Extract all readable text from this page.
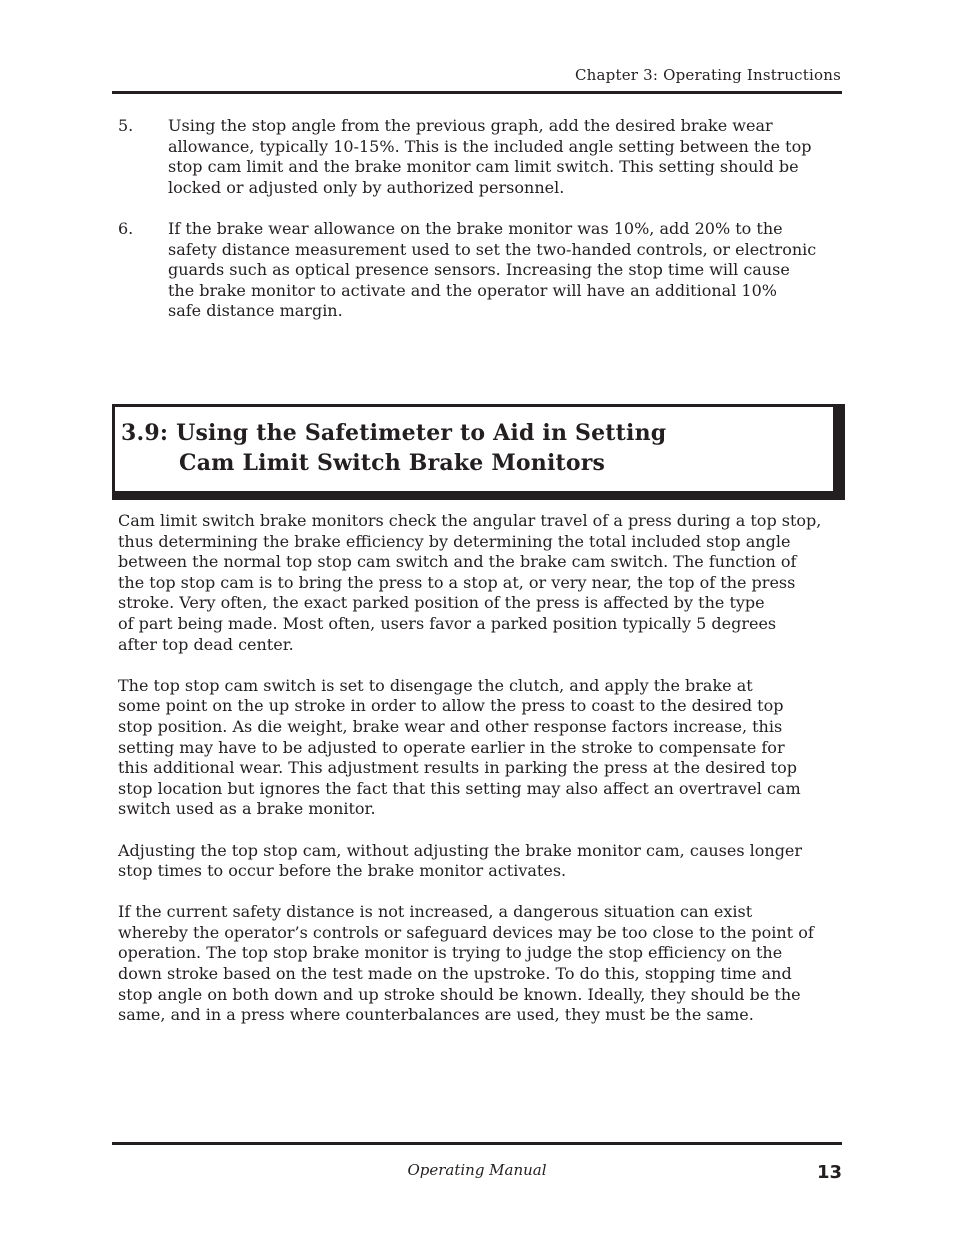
Chapter 3: Operating Instructions
5.	Using the stop angle from the previous graph, add the desired brake wear
allowance, typically 10-15%. This is the included angle setting between the top
stop cam limit and the brake monitor cam limit switch. This setting should be
locked or adjusted only by authorized personnel.
6.	If the brake wear allowance on the brake monitor was 10%, add 20% to the
safety distance measurement used to set the two-handed controls, or electronic
guards such as optical presence sensors. Increasing the stop time will cause
the brake monitor to activate and the operator will have an additional 10%
safe distance margin.
3.9: Using the Safetimeter to Aid in Setting
Cam Limit Switch Brake Monitors

Cam limit switch brake monitors check the angular travel of a press during a top stop,
thus determining the brake efficiency by determining the total included stop angle
between the normal top stop cam switch and the brake cam switch. The function of
the top stop cam is to bring the press to a stop at, or very near, the top of the press
stroke. Very often, the exact parked position of the press is affected by the type
of part being made. Most often, users favor a parked position typically 5 degrees
after top dead center.

The top stop cam switch is set to disengage the clutch, and apply the brake at
some point on the up stroke in order to allow the press to coast to the desired top
stop position. As die weight, brake wear and other response factors increase, this
setting may have to be adjusted to operate earlier in the stroke to compensate for
this additional wear. This adjustment results in parking the press at the desired top
stop location but ignores the fact that this setting may also affect an overtravel cam
switch used as a brake monitor.

Adjusting the top stop cam, without adjusting the brake monitor cam, causes longer
stop times to occur before the brake monitor activates.

If the current safety distance is not increased, a dangerous situation can exist
whereby the operator’s controls or safeguard devices may be too close to the point of
operation. The top stop brake monitor is trying to judge the stop efficiency on the
down stroke based on the test made on the upstroke. To do this, stopping time and
stop angle on both down and up stroke should be known. Ideally, they should be the
same, and in a press where counterbalances are used, they must be the same.

Operating Manual	13
